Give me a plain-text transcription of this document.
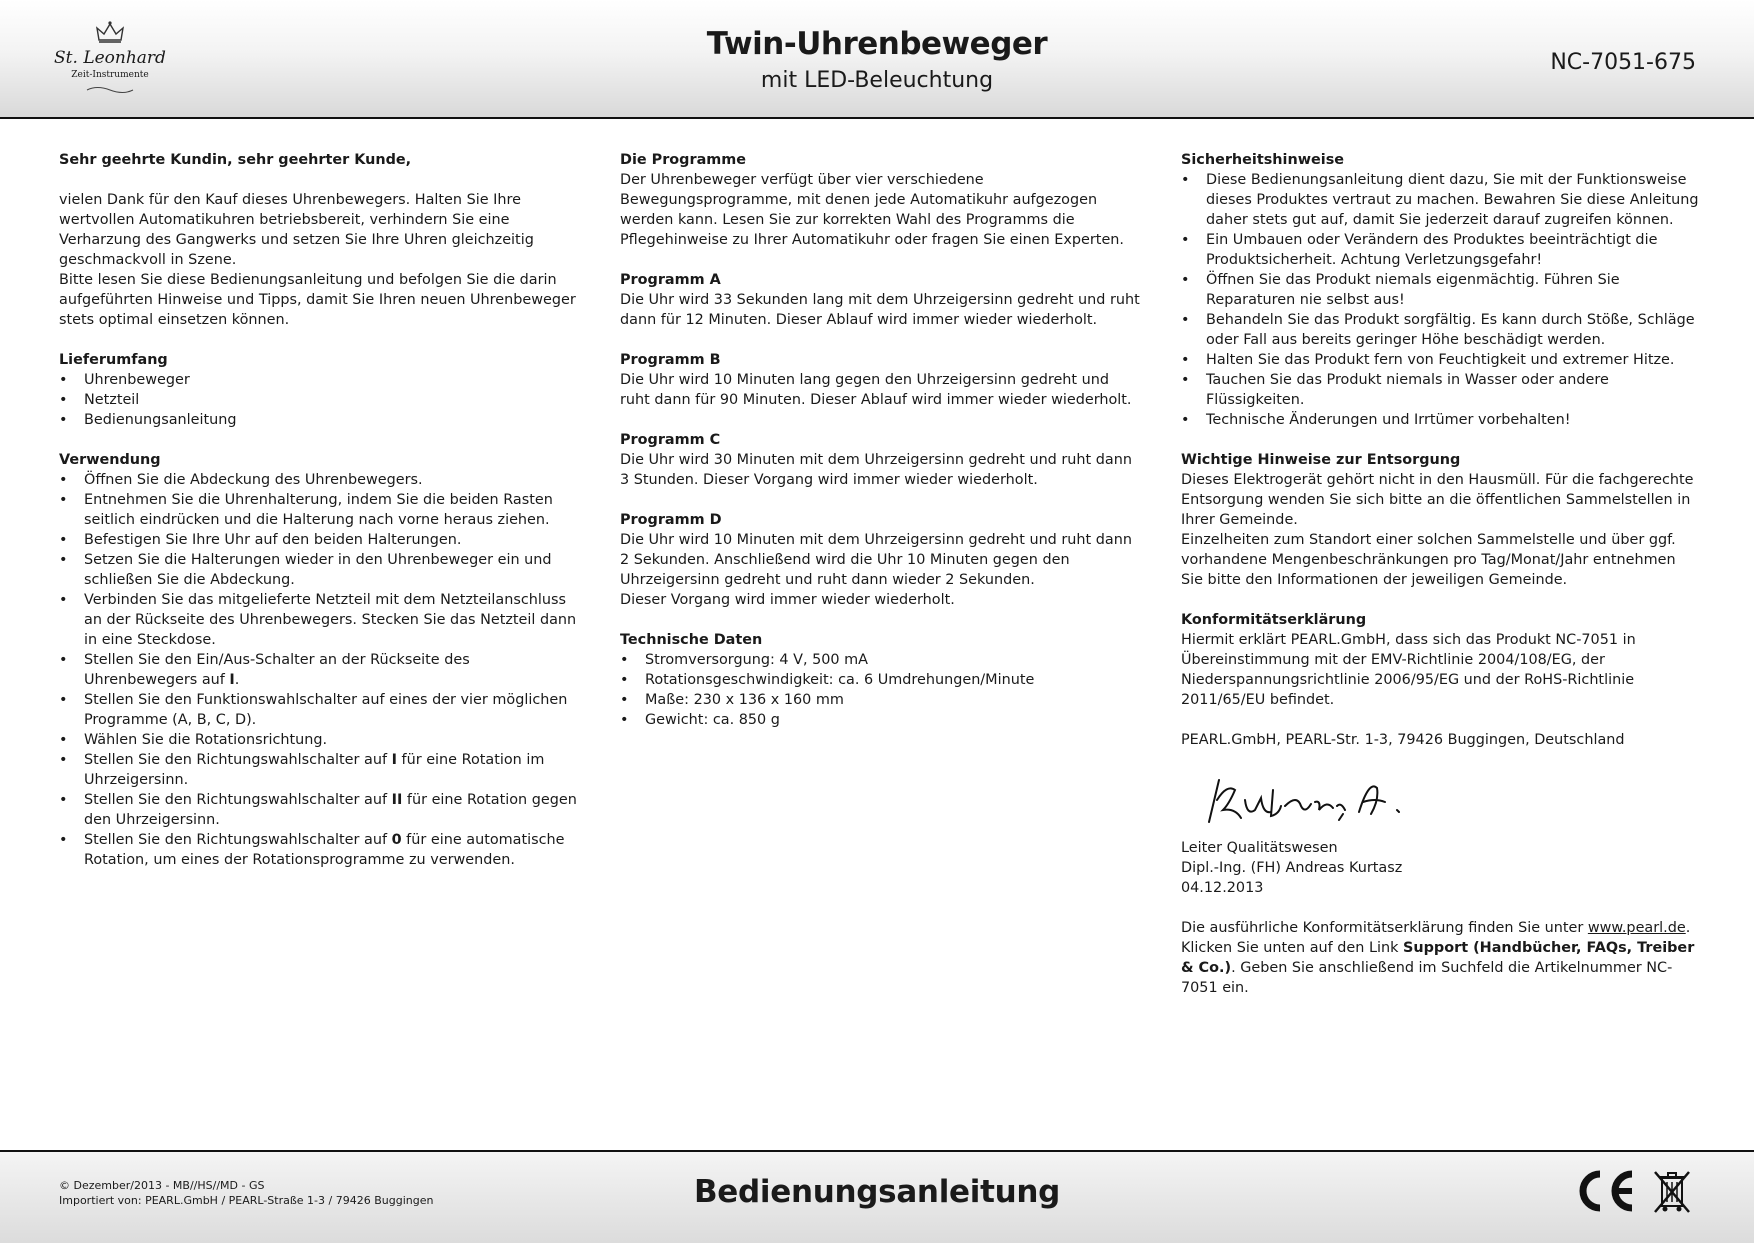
St. Leonhard
Zeit-Instrumente
Twin-Uhrenbeweger
mit LED-Beleuchtung
NC-7051-675

Sehr geehrte Kundin, sehr geehrter Kunde,

vielen Dank für den Kauf dieses Uhrenbewegers. Halten Sie Ihre wertvollen Automatikuhren betriebsbereit, verhindern Sie eine Verharzung des Gangwerks und setzen Sie Ihre Uhren gleichzeitig geschmackvoll in Szene.

Bitte lesen Sie diese Bedienungsanleitung und befolgen Sie die darin aufgeführten Hinweise und Tipps, damit Sie Ihren neuen Uhrenbeweger stets optimal einsetzen können.

Lieferumfang

• Uhrenbeweger
• Netzteil
• Bedienungsanleitung

Verwendung

• Öffnen Sie die Abdeckung des Uhrenbewegers.
• Entnehmen Sie die Uhrenhalterung, indem Sie die beiden Rasten seitlich eindrücken und die Halterung nach vorne heraus ziehen.
• Befestigen Sie Ihre Uhr auf den beiden Halterungen.
• Setzen Sie die Halterungen wieder in den Uhrenbeweger ein und schließen Sie die Abdeckung.
• Verbinden Sie das mitgelieferte Netzteil mit dem Netzteilanschluss an der Rückseite des Uhrenbewegers. Stecken Sie das Netzteil dann in eine Steckdose.
• Stellen Sie den Ein/Aus-Schalter an der Rückseite des Uhrenbewegers auf I.
• Stellen Sie den Funktionswahlschalter auf eines der vier möglichen Programme (A, B, C, D).
• Wählen Sie die Rotationsrichtung.
• Stellen Sie den Richtungswahlschalter auf I für eine Rotation im Uhrzeigersinn.
• Stellen Sie den Richtungswahlschalter auf II für eine Rotation gegen den Uhrzeigersinn.
• Stellen Sie den Richtungswahlschalter auf 0 für eine automatische Rotation, um eines der Rotationsprogramme zu verwenden.

Die Programme

Der Uhrenbeweger verfügt über vier verschiedene Bewegungsprogramme, mit denen jede Automatikuhr aufgezogen werden kann. Lesen Sie zur korrekten Wahl des Programms die Pflegehinweise zu Ihrer Automatikuhr oder fragen Sie einen Experten.

Programm A

Die Uhr wird 33 Sekunden lang mit dem Uhrzeigersinn gedreht und ruht dann für 12 Minuten. Dieser Ablauf wird immer wieder wiederholt.

Programm B

Die Uhr wird 10 Minuten lang gegen den Uhrzeigersinn gedreht und ruht dann für 90 Minuten. Dieser Ablauf wird immer wieder wiederholt.

Programm C

Die Uhr wird 30 Minuten mit dem Uhrzeigersinn gedreht und ruht dann 3 Stunden. Dieser Vorgang wird immer wieder wiederholt.

Programm D

Die Uhr wird 10 Minuten mit dem Uhrzeigersinn gedreht und ruht dann 2 Sekunden. Anschließend wird die Uhr 10 Minuten gegen den Uhrzeigersinn gedreht und ruht dann wieder 2 Sekunden.

Dieser Vorgang wird immer wieder wiederholt.

Technische Daten

• Stromversorgung: 4 V, 500 mA
• Rotationsgeschwindigkeit: ca. 6 Umdrehungen/Minute
• Maße: 230 x 136 x 160 mm
• Gewicht: ca. 850 g

Sicherheitshinweise

• Diese Bedienungsanleitung dient dazu, Sie mit der Funktionsweise dieses Produktes vertraut zu machen. Bewahren Sie diese Anleitung daher stets gut auf, damit Sie jederzeit darauf zugreifen können.
• Ein Umbauen oder Verändern des Produktes beeinträchtigt die Produktsicherheit. Achtung Verletzungsgefahr!
• Öffnen Sie das Produkt niemals eigenmächtig. Führen Sie Reparaturen nie selbst aus!
• Behandeln Sie das Produkt sorgfältig. Es kann durch Stöße, Schläge oder Fall aus bereits geringer Höhe beschädigt werden.
• Halten Sie das Produkt fern von Feuchtigkeit und extremer Hitze.
• Tauchen Sie das Produkt niemals in Wasser oder andere Flüssigkeiten.
• Technische Änderungen und Irrtümer vorbehalten!

Wichtige Hinweise zur Entsorgung

Dieses Elektrogerät gehört nicht in den Hausmüll. Für die fachgerechte Entsorgung wenden Sie sich bitte an die öffentlichen Sammelstellen in Ihrer Gemeinde.

Einzelheiten zum Standort einer solchen Sammelstelle und über ggf. vorhandene Mengenbeschränkungen pro Tag/Monat/Jahr entnehmen Sie bitte den Informationen der jeweiligen Gemeinde.

Konformitätserklärung

Hiermit erklärt PEARL.GmbH, dass sich das Produkt NC-7051 in Übereinstimmung mit der EMV-Richtlinie 2004/108/EG, der Niederspannungsrichtlinie 2006/95/EG und der RoHS-Richtlinie 2011/65/EU befindet.

PEARL.GmbH, PEARL-Str. 1-3, 79426 Buggingen, Deutschland

Leiter Qualitätswesen

Dipl.-Ing. (FH) Andreas Kurtasz

04.12.2013

Die ausführliche Konformitätserklärung finden Sie unter www.pearl.de. Klicken Sie unten auf den Link Support (Handbücher, FAQs, Treiber & Co.). Geben Sie anschließend im Suchfeld die Artikelnummer NC-7051 ein.

© Dezember/2013 - MB//HS//MD - GS
Importiert von: PEARL.GmbH / PEARL-Straße 1-3 / 79426 Buggingen	Bedienungsanleitung
